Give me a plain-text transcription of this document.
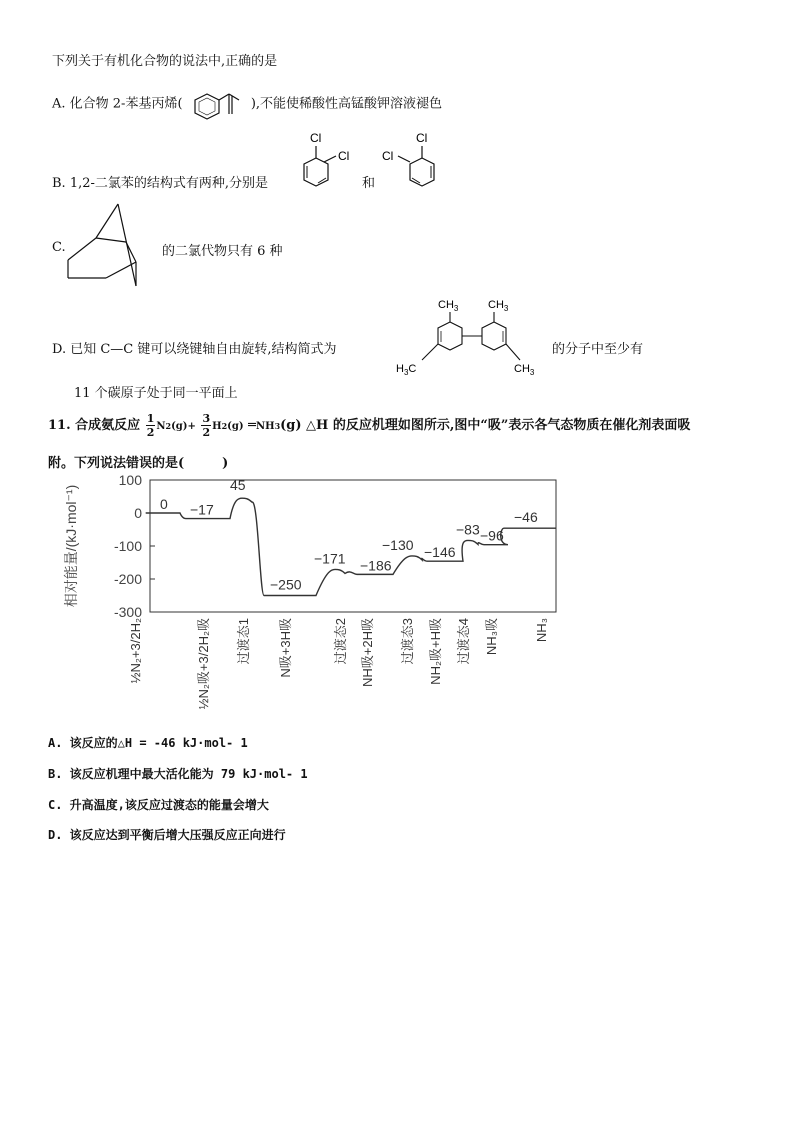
下列关于有机化合物的说法中,正确的是
A. 化合物 2-苯基丙烯(	),不能使稀酸性高锰酸钾溶液褪色
B. 1,2-二氯苯的结构式有两种,分别是
Cl
Cl
和
Cl
Cl
C.	的二氯代物只有 6 种
D. 已知 C—C 键可以绕键轴自由旋转,结构简式为
$CH_3$	$CH_3$
$H_3C$	$CH_3$
的分子中至少有
11 个碳原子处于同一平面上
11. 合成氨反应 $\frac{1}{2} N2(g)+ \frac{3}{2} H2(g)$ ═NH3(g) △H 的反应机理如图所示,图中“吸”表示各气态物质在催化剂表面吸
附。下列说法错误的是(	)
100
0
-100
-200
-300
相对能量/(kJ·mol⁻¹)	0 −17
45
−250
−171 −186
−130 −146
−83 −96
−46
½N₂+3/2H₂	½N₂吸+3/2H₂吸 过渡态1 N吸+3H吸	过渡态2 NH吸+2H吸 过渡态3 NH₂吸+H吸 过渡态4 NH₃吸	NH₃
A. 该反应的△H = -46 kJ·mol- 1
B. 该反应机理中最大活化能为 79 kJ·mol- 1
C. 升高温度,该反应过渡态的能量会增大
D. 该反应达到平衡后增大压强反应正向进行
